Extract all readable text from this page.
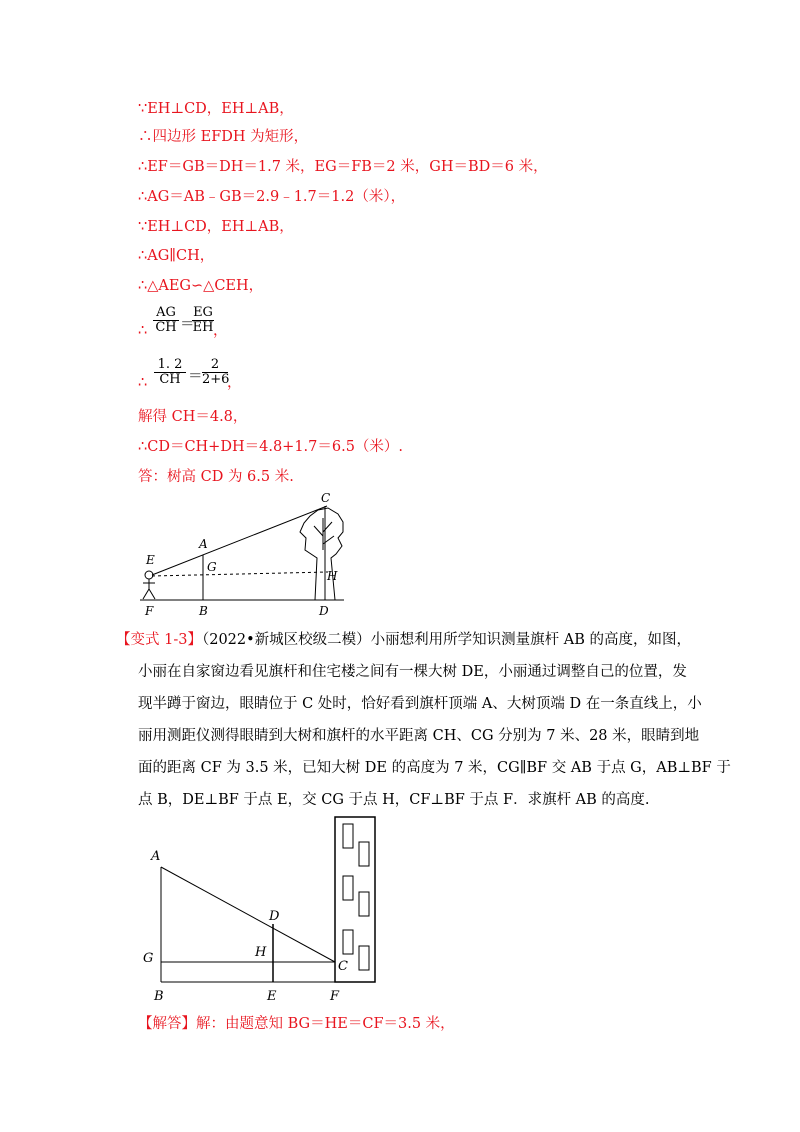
∵EH⊥CD，EH⊥AB，
∴四边形 EFDH 为矩形，
∴EF＝GB＝DH＝1.7 米，EG＝FB＝2 米，GH＝BD＝6 米，
∴AG＝AB﹣GB＝2.9﹣1.7＝1.2（米），
∵EH⊥CD，EH⊥AB，
∴AG∥CH，
∴△AEG∽△CEH，
∴ $\frac{AG}{CH}$ ＝
$\frac{EG}{EH}$ ，
∴ $\frac{1. 2}{CH} = \frac{2}{2+6}$ ，
解得 CH＝4.8，
∴CD＝CH+DH＝4.8+1.7＝6.5（米）.
答：树高 CD 为 6.5 米.
C
A
E	G
H
F	B	D
【变式 1-3】（2022•新城区校级二模）小丽想利用所学知识测量旗杆 AB 的高度，如图，
小丽在自家窗边看见旗杆和住宅楼之间有一棵大树 DE，小丽通过调整自己的位置，发
现半蹲于窗边，眼睛位于 C 处时，恰好看到旗杆顶端 A、大树顶端 D 在一条直线上，小
丽用测距仪测得眼睛到大树和旗杆的水平距离 CH、CG 分别为 7 米、28 米，眼睛到地
面的距离 CF 为 3.5 米，已知大树 DE 的高度为 7 米，CG∥BF 交 AB 于点 G，AB⊥BF 于
点 B，DE⊥BF 于点 E，交 CG 于点 H，CF⊥BF 于点 F．求旗杆 AB 的高度.
A
D
G	H
C
B	E	F
【解答】解：由题意知 BG＝HE＝CF＝3.5 米，
